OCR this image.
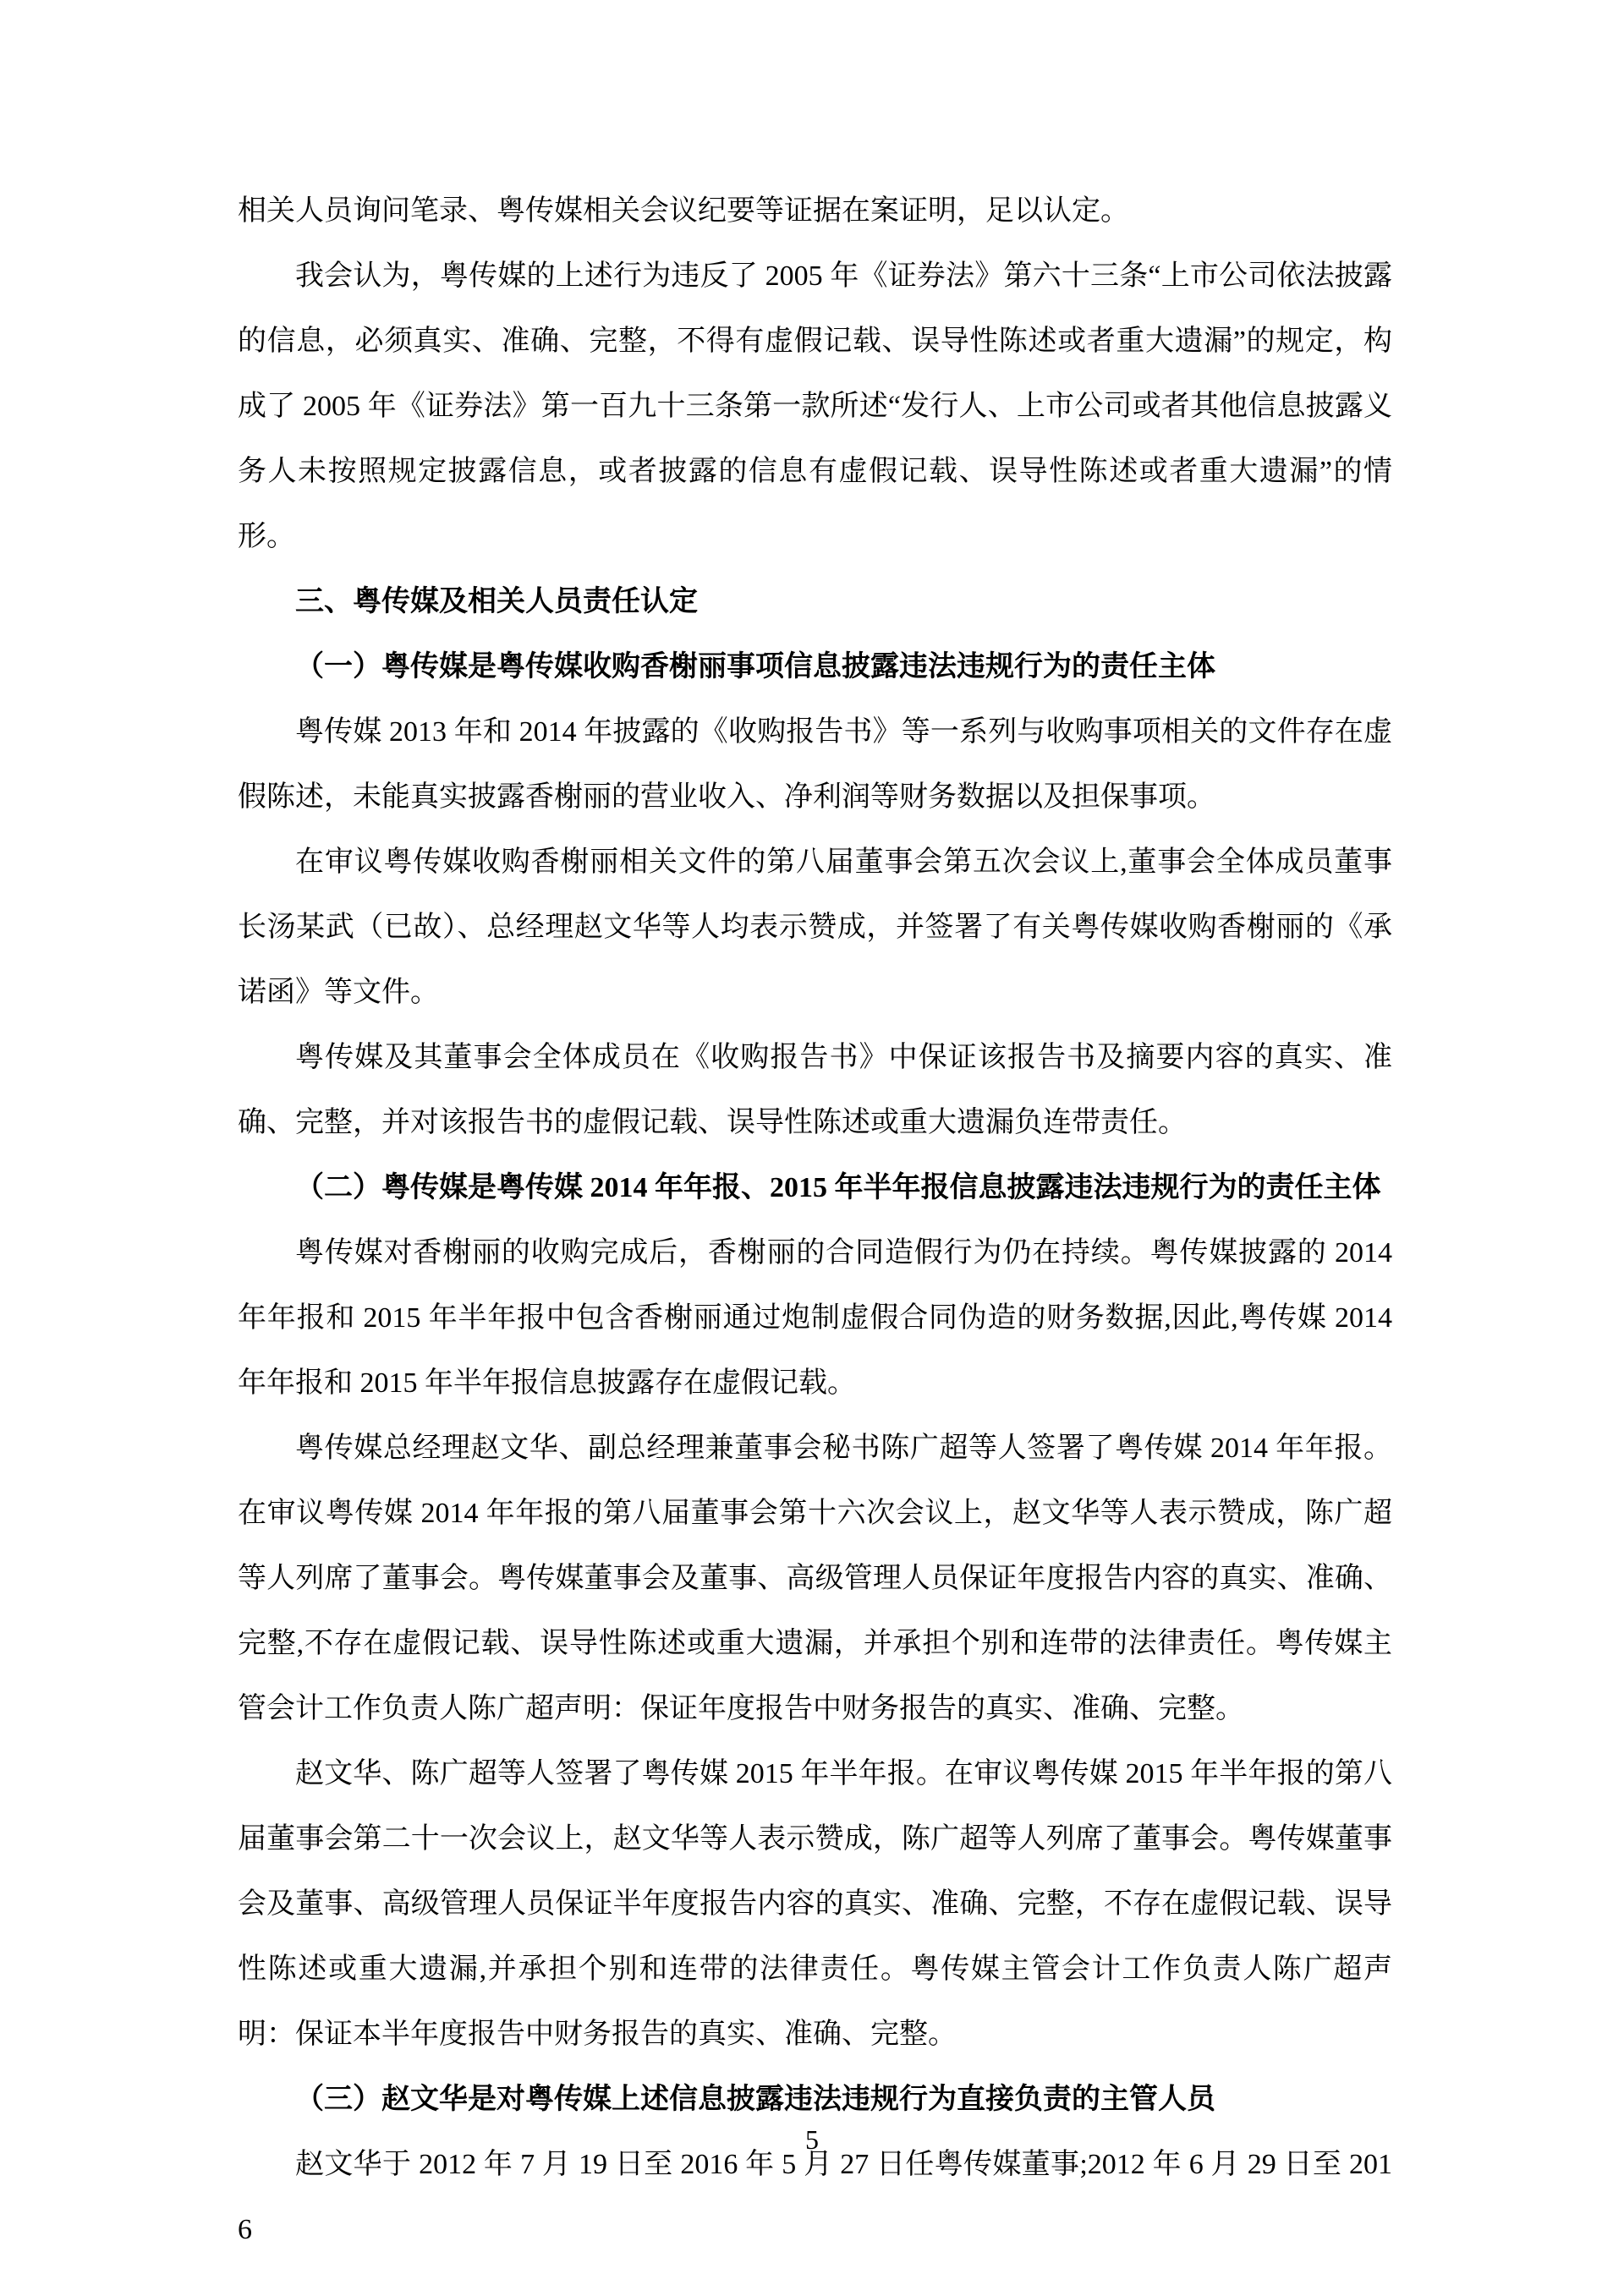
相关人员询问笔录、粤传媒相关会议纪要等证据在案证明，足以认定。

我会认为，粤传媒的上述行为违反了 2005 年《证券法》第六十三条“上市公司依法披露的信息，必须真实、准确、完整，不得有虚假记载、误导性陈述或者重大遗漏”的规定，构成了 2005 年《证券法》第一百九十三条第一款所述“发行人、上市公司或者其他信息披露义务人未按照规定披露信息，或者披露的信息有虚假记载、误导性陈述或者重大遗漏”的情形。

三、粤传媒及相关人员责任认定

（一）粤传媒是粤传媒收购香榭丽事项信息披露违法违规行为的责任主体

粤传媒 2013 年和 2014 年披露的《收购报告书》等一系列与收购事项相关的文件存在虚假陈述，未能真实披露香榭丽的营业收入、净利润等财务数据以及担保事项。

在审议粤传媒收购香榭丽相关文件的第八届董事会第五次会议上,董事会全体成员董事长汤某武（已故）、总经理赵文华等人均表示赞成，并签署了有关粤传媒收购香榭丽的《承诺函》等文件。

粤传媒及其董事会全体成员在《收购报告书》中保证该报告书及摘要内容的真实、准确、完整，并对该报告书的虚假记载、误导性陈述或重大遗漏负连带责任。

（二）粤传媒是粤传媒 2014 年年报、2015 年半年报信息披露违法违规行为的责任主体

粤传媒对香榭丽的收购完成后，香榭丽的合同造假行为仍在持续。粤传媒披露的 2014 年年报和 2015 年半年报中包含香榭丽通过炮制虚假合同伪造的财务数据,因此,粤传媒 2014 年年报和 2015 年半年报信息披露存在虚假记载。

粤传媒总经理赵文华、副总经理兼董事会秘书陈广超等人签署了粤传媒 2014 年年报。在审议粤传媒 2014 年年报的第八届董事会第十六次会议上，赵文华等人表示赞成，陈广超等人列席了董事会。粤传媒董事会及董事、高级管理人员保证年度报告内容的真实、准确、完整,不存在虚假记载、误导性陈述或重大遗漏，并承担个别和连带的法律责任。粤传媒主管会计工作负责人陈广超声明：保证年度报告中财务报告的真实、准确、完整。

赵文华、陈广超等人签署了粤传媒 2015 年半年报。在审议粤传媒 2015 年半年报的第八届董事会第二十一次会议上，赵文华等人表示赞成，陈广超等人列席了董事会。粤传媒董事会及董事、高级管理人员保证半年度报告内容的真实、准确、完整，不存在虚假记载、误导性陈述或重大遗漏,并承担个别和连带的法律责任。粤传媒主管会计工作负责人陈广超声明：保证本半年度报告中财务报告的真实、准确、完整。

（三）赵文华是对粤传媒上述信息披露违法违规行为直接负责的主管人员

赵文华于 2012 年 7 月 19 日至 2016 年 5 月 27 日任粤传媒董事;2012 年 6 月 29 日至 2016

5
